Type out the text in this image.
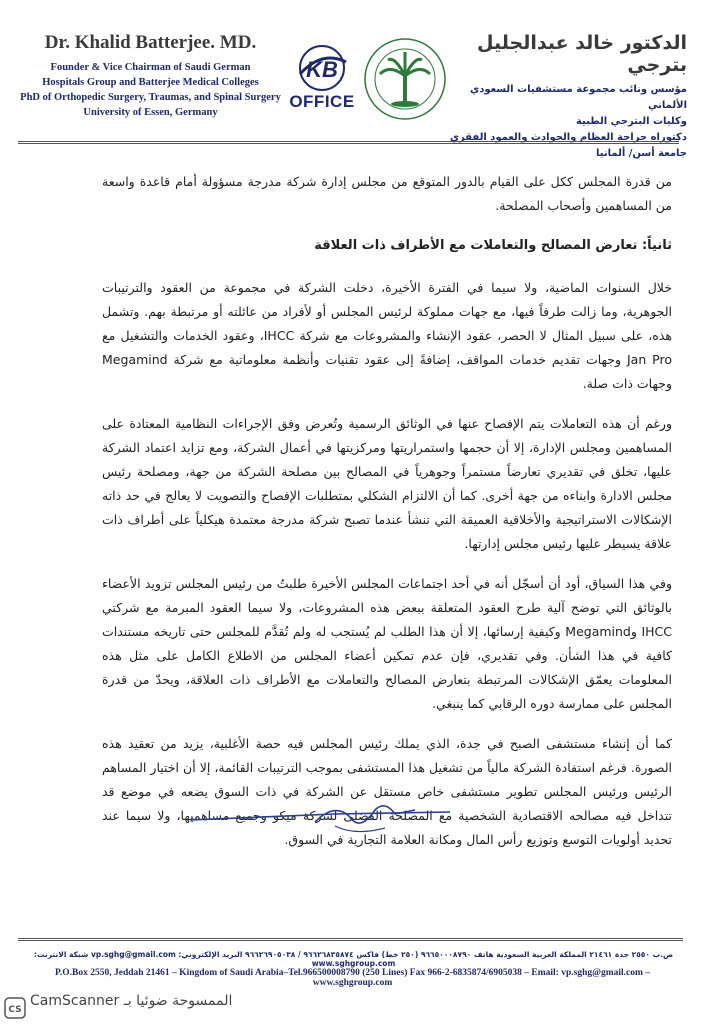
Dr. Khalid Batterjee. MD.
Founder & Vice Chairman of Saudi German
Hospitals Group and Batterjee Medical Colleges
PhD of Orthopedic Surgery, Traumas, and Spinal Surgery
University of Essen, Germany
KB
OFFICE
الدكتور خالد عبدالجليل بترجي
مؤسس ونائب مجموعة مستشفيات السعودي الألماني
وكليات البترجي الطبية
دكتوراه جراحة العظام والحوادث والعمود الفقري
جامعة أسن/ ألمانيا

من قدرة المجلس ككل على القيام بالدور المتوقع من مجلس إدارة شركة مدرجة مسؤولة أمام قاعدة واسعة من المساهمين وأصحاب المصلحة.

ثانياً: تعارض المصالح والتعاملات مع الأطراف ذات العلاقة

خلال السنوات الماضية، ولا سيما في الفترة الأخيرة، دخلت الشركة في مجموعة من العقود والترتيبات الجوهرية، وما زالت طرفاً فيها، مع جهات مملوكة لرئيس المجلس أو لأفراد من عائلته أو مرتبطة بهم. وتشمل هذه، على سبيل المثال لا الحصر، عقود الإنشاء والمشروعات مع شركة IHCC، وعقود الخدمات والتشغيل مع Jan Pro وجهات تقديم خدمات المواقف، إضافةً إلى عقود تقنيات وأنظمة معلوماتية مع شركة Megamind وجهات ذات صلة.

ورغم أن هذه التعاملات يتم الإفصاح عنها في الوثائق الرسمية وتُعرض وفق الإجراءات النظامية المعتادة على المساهمين ومجلس الإدارة، إلا أن حجمها واستمراريتها ومركزيتها في أعمال الشركة، ومع تزايد اعتماد الشركة عليها، تخلق في تقديري تعارضاً مستمراً وجوهرياً في المصالح بين مصلحة الشركة من جهة، ومصلحة رئيس مجلس الادارة وابناءه من جهة أخرى. كما أن الالتزام الشكلي بمتطلبات الإفصاح والتصويت لا يعالج في حد ذاته الإشكالات الاستراتيجية والأخلاقية العميقة التي تنشأ عندما تصبح شركة مدرجة معتمدة هيكلياً على أطراف ذات علاقة يسيطر عليها رئيس مجلس إدارتها.

وفي هذا السياق، أود أن أسجّل أنه في أحد اجتماعات المجلس الأخيرة طلبتُ من رئيس المجلس تزويد الأعضاء بالوثائق التي توضح آلية طرح العقود المتعلقة ببعض هذه المشروعات، ولا سيما العقود المبرمة مع شركتي IHCC وMegamind وكيفية إرسائها، إلا أن هذا الطلب لم يُستجب له ولم تُقدَّم للمجلس حتى تاريخه مستندات كافية في هذا الشأن. وفي تقديري، فإن عدم تمكين أعضاء المجلس من الاطلاع الكامل على مثل هذه المعلومات يعمّق الإشكالات المرتبطة بتعارض المصالح والتعاملات مع الأطراف ذات العلاقة، ويحدّ من قدرة المجلس على ممارسة دوره الرقابي كما ينبغي.

كما أن إنشاء مستشفى الصبح في جدة، الذي يملك رئيس المجلس فيه حصة الأغلبية، يزيد من تعقيد هذه الصورة. فرغم استفادة الشركة مالياً من تشغيل هذا المستشفى بموجب الترتيبات القائمة، إلا أن اختيار المساهم الرئيس ورئيس المجلس تطوير مستشفى خاص مستقل عن الشركة في ذات السوق يضعه في موضع قد تتداخل فيه مصالحه الاقتصادية الشخصية مع المصلحة الفضلى لشركة ميكو وجميع مساهميها، ولا سيما عند تحديد أولويات التوسع وتوزيع رأس المال ومكانة العلامة التجارية في السوق.

ص.ب ٢٥٥٠ جدة ٢١٤٦١ المملكة العربية السعودية هاتف ٩٦٦٥٠٠٠٨٧٩٠ (٢٥٠ خط) فاكس ٩٦٦٢٦٨٣٥٨٧٤ / ٩٦٦٢٦٩٠٥٠٣٨ البريد الإلكتروني: vp.sghg@gmail.com شبكة الانترنت: www.sghgroup.com
P.O.Box 2550, Jeddah 21461 – Kingdom of Saudi Arabia–Tel.966500008790 (250 Lines) Fax 966-2-6835874/6905038 – Email: vp.sghg@gmail.com – www.sghgroup.com
CS
الممسوحة ضوئيا بـ CamScanner
